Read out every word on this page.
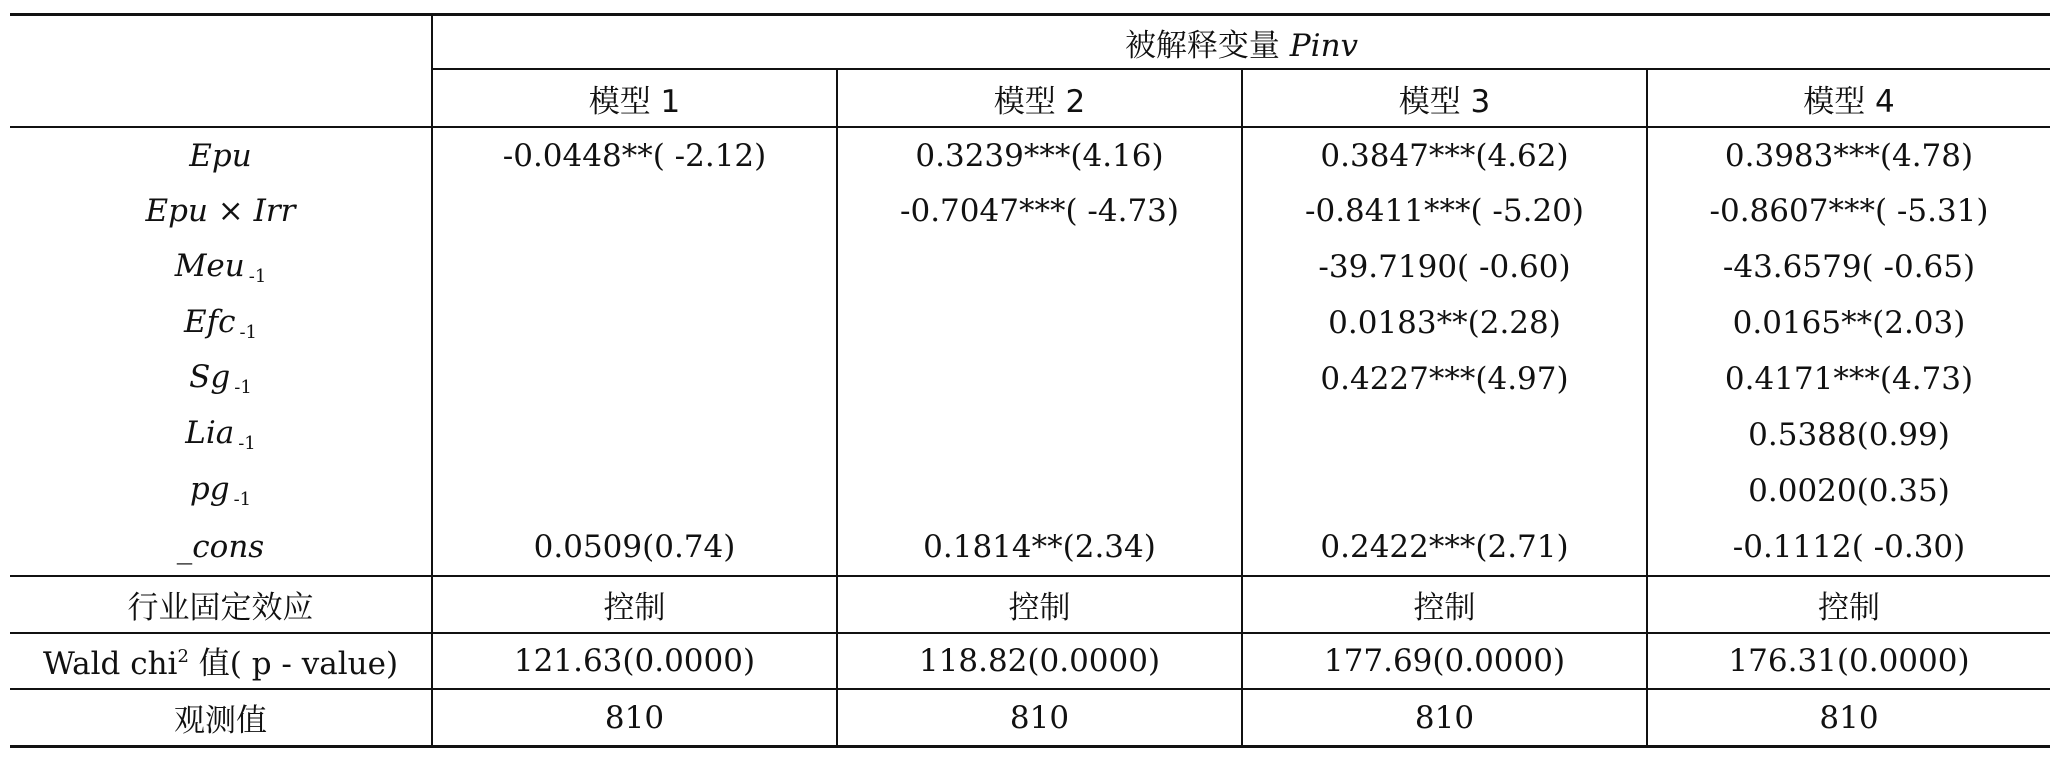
	被解释变量 Pinv			
	模型 1	模型 2	模型 3	模型 4
Epu	-0.0448**( -2.12)	0.3239***(4.16)	0.3847***(4.62)	0.3983***(4.78)
Epu × Irr		-0.7047***( -4.73)	-0.8411***( -5.20)	-0.8607***( -5.31)
Meu $_{-1}$			-39.7190( -0.60)	-43.6579( -0.65)
Efc $_{-1}$			0.0183**(2.28)	0.0165**(2.03)
Sg $_{-1}$			0.4227***(4.97)	0.4171***(4.73)
Lia $_{-1}$				0.5388(0.99)
pg $_{-1}$				0.0020(0.35)
_cons	0.0509(0.74)	0.1814**(2.34)	0.2422***(2.71)	-0.1112( -0.30)
行业固定效应	控制	控制	控制	控制
Wald chi$^2$ 值( p - value)	121.63(0.0000)	118.82(0.0000)	177.69(0.0000)	176.31(0.0000)
观测值	810	810	810	810
